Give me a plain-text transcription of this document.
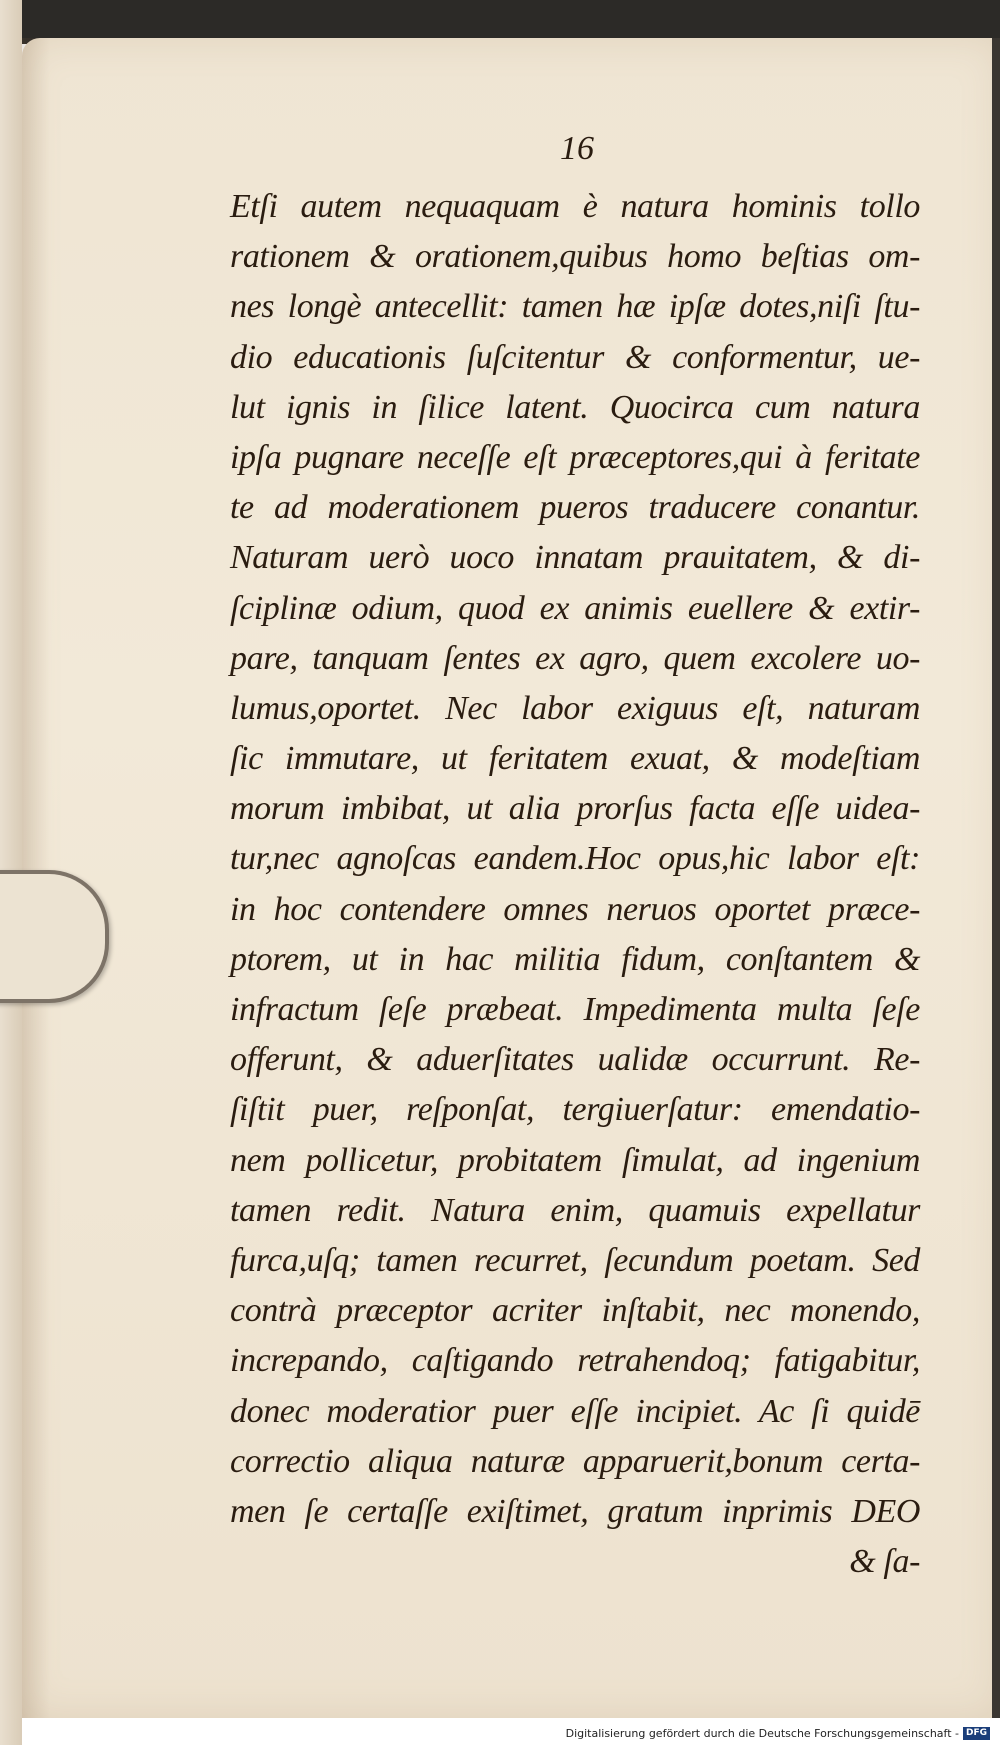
16
Etſi autem nequaquam è natura hominis tollo
rationem & orationem,quibus homo beſtias om-
nes longè antecellit: tamen hæ ipſæ dotes,niſi ſtu-
dio educationis ſuſcitentur & conformentur, ue-
lut ignis in ſilice latent. Quocirca cum natura
ipſa pugnare neceſſe eſt præceptores,qui à feritate
te ad moderationem pueros traducere conantur.
Naturam uerò uoco innatam prauitatem, & di-
ſciplinæ odium, quod ex animis euellere & extir-
pare, tanquam ſentes ex agro, quem excolere uo-
lumus,oportet. Nec labor exiguus eſt, naturam
ſic immutare, ut feritatem exuat, & modeſtiam
morum imbibat, ut alia prorſus facta eſſe uidea-
tur,nec agnoſcas eandem.Hoc opus,hic labor eſt:
in hoc contendere omnes neruos oportet præce-
ptorem, ut in hac militia fidum, conſtantem &
infractum ſeſe præbeat. Impedimenta multa ſeſe
offerunt, & aduerſitates ualidæ occurrunt. Re-
ſiſtit puer, reſponſat, tergiuerſatur: emendatio-
nem pollicetur, probitatem ſimulat, ad ingenium
tamen redit. Natura enim, quamuis expellatur
furca,uſq; tamen recurret, ſecundum poetam. Sed
contrà præceptor acriter inſtabit, nec monendo,
increpando, caſtigando retrahendoq; fatigabitur,
donec moderatior puer eſſe incipiet. Ac ſi quidē
correctio aliqua naturæ apparuerit,bonum certa-
men ſe certaſſe exiſtimet, gratum inprimis DEO
& ſa-
Digitalisierung gefördert durch die Deutsche Forschungsgemeinschaft - DFG
